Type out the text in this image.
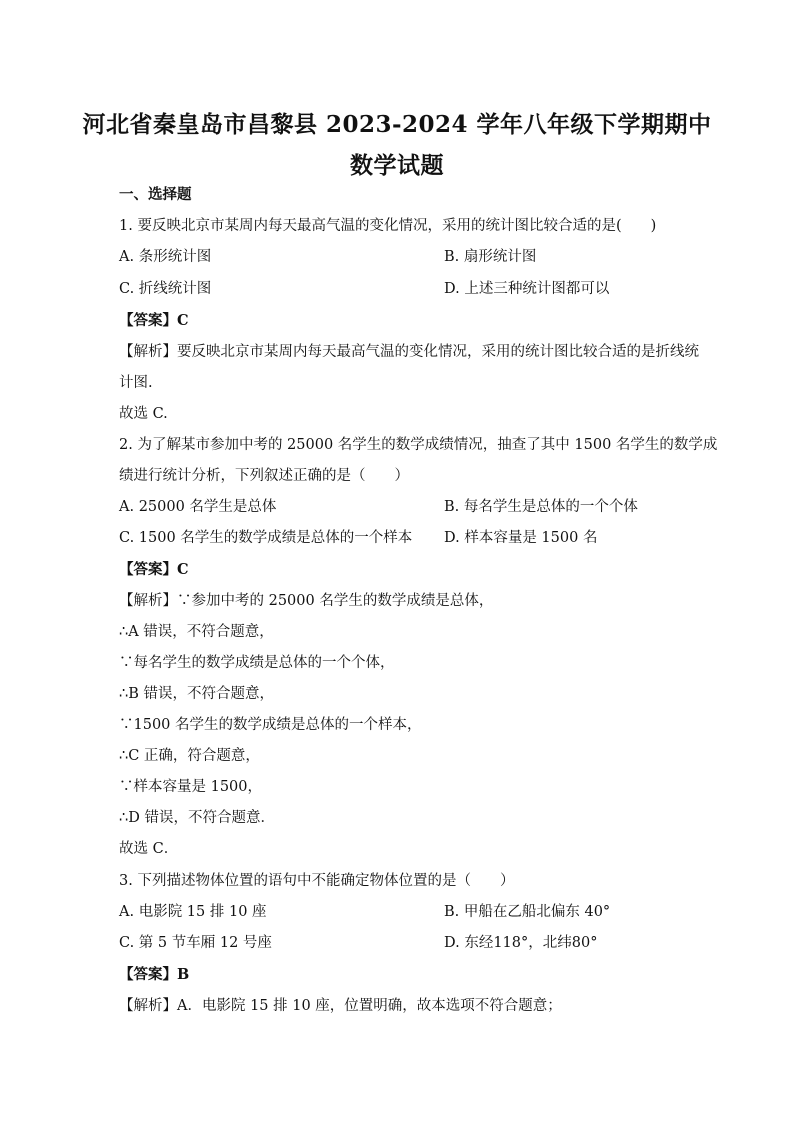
河北省秦皇岛市昌黎县 2023-2024 学年八年级下学期期中
数学试题
一、选择题
1. 要反映北京市某周内每天最高气温的变化情况，采用的统计图比较合适的是(　　)
A. 条形统计图	B. 扇形统计图
C. 折线统计图	D. 上述三种统计图都可以
【答案】C
【解析】要反映北京市某周内每天最高气温的变化情况，采用的统计图比较合适的是折线统
计图.
故选 C.
2. 为了解某市参加中考的 25000 名学生的数学成绩情况，抽查了其中 1500 名学生的数学成
绩进行统计分析，下列叙述正确的是（　　）
A. 25000 名学生是总体	B. 每名学生是总体的一个个体
C. 1500 名学生的数学成绩是总体的一个样本 D. 样本容量是 1500 名
【答案】C
【解析】∵参加中考的 25000 名学生的数学成绩是总体，
∴A 错误，不符合题意，
∵每名学生的数学成绩是总体的一个个体，
∴B 错误，不符合题意，
∵1500 名学生的数学成绩是总体的一个样本，
∴C 正确，符合题意，
∵样本容量是 1500，
∴D 错误，不符合题意．
故选 C．
3. 下列描述物体位置的语句中不能确定物体位置的是（　　）
A. 电影院 15 排 10 座	B. 甲船在乙船北偏东 40°
C. 第 5 节车厢 12 号座	D. 东经118°，北纬80°
【答案】B
【解析】A．电影院 15 排 10 座，位置明确，故本选项不符合题意；
